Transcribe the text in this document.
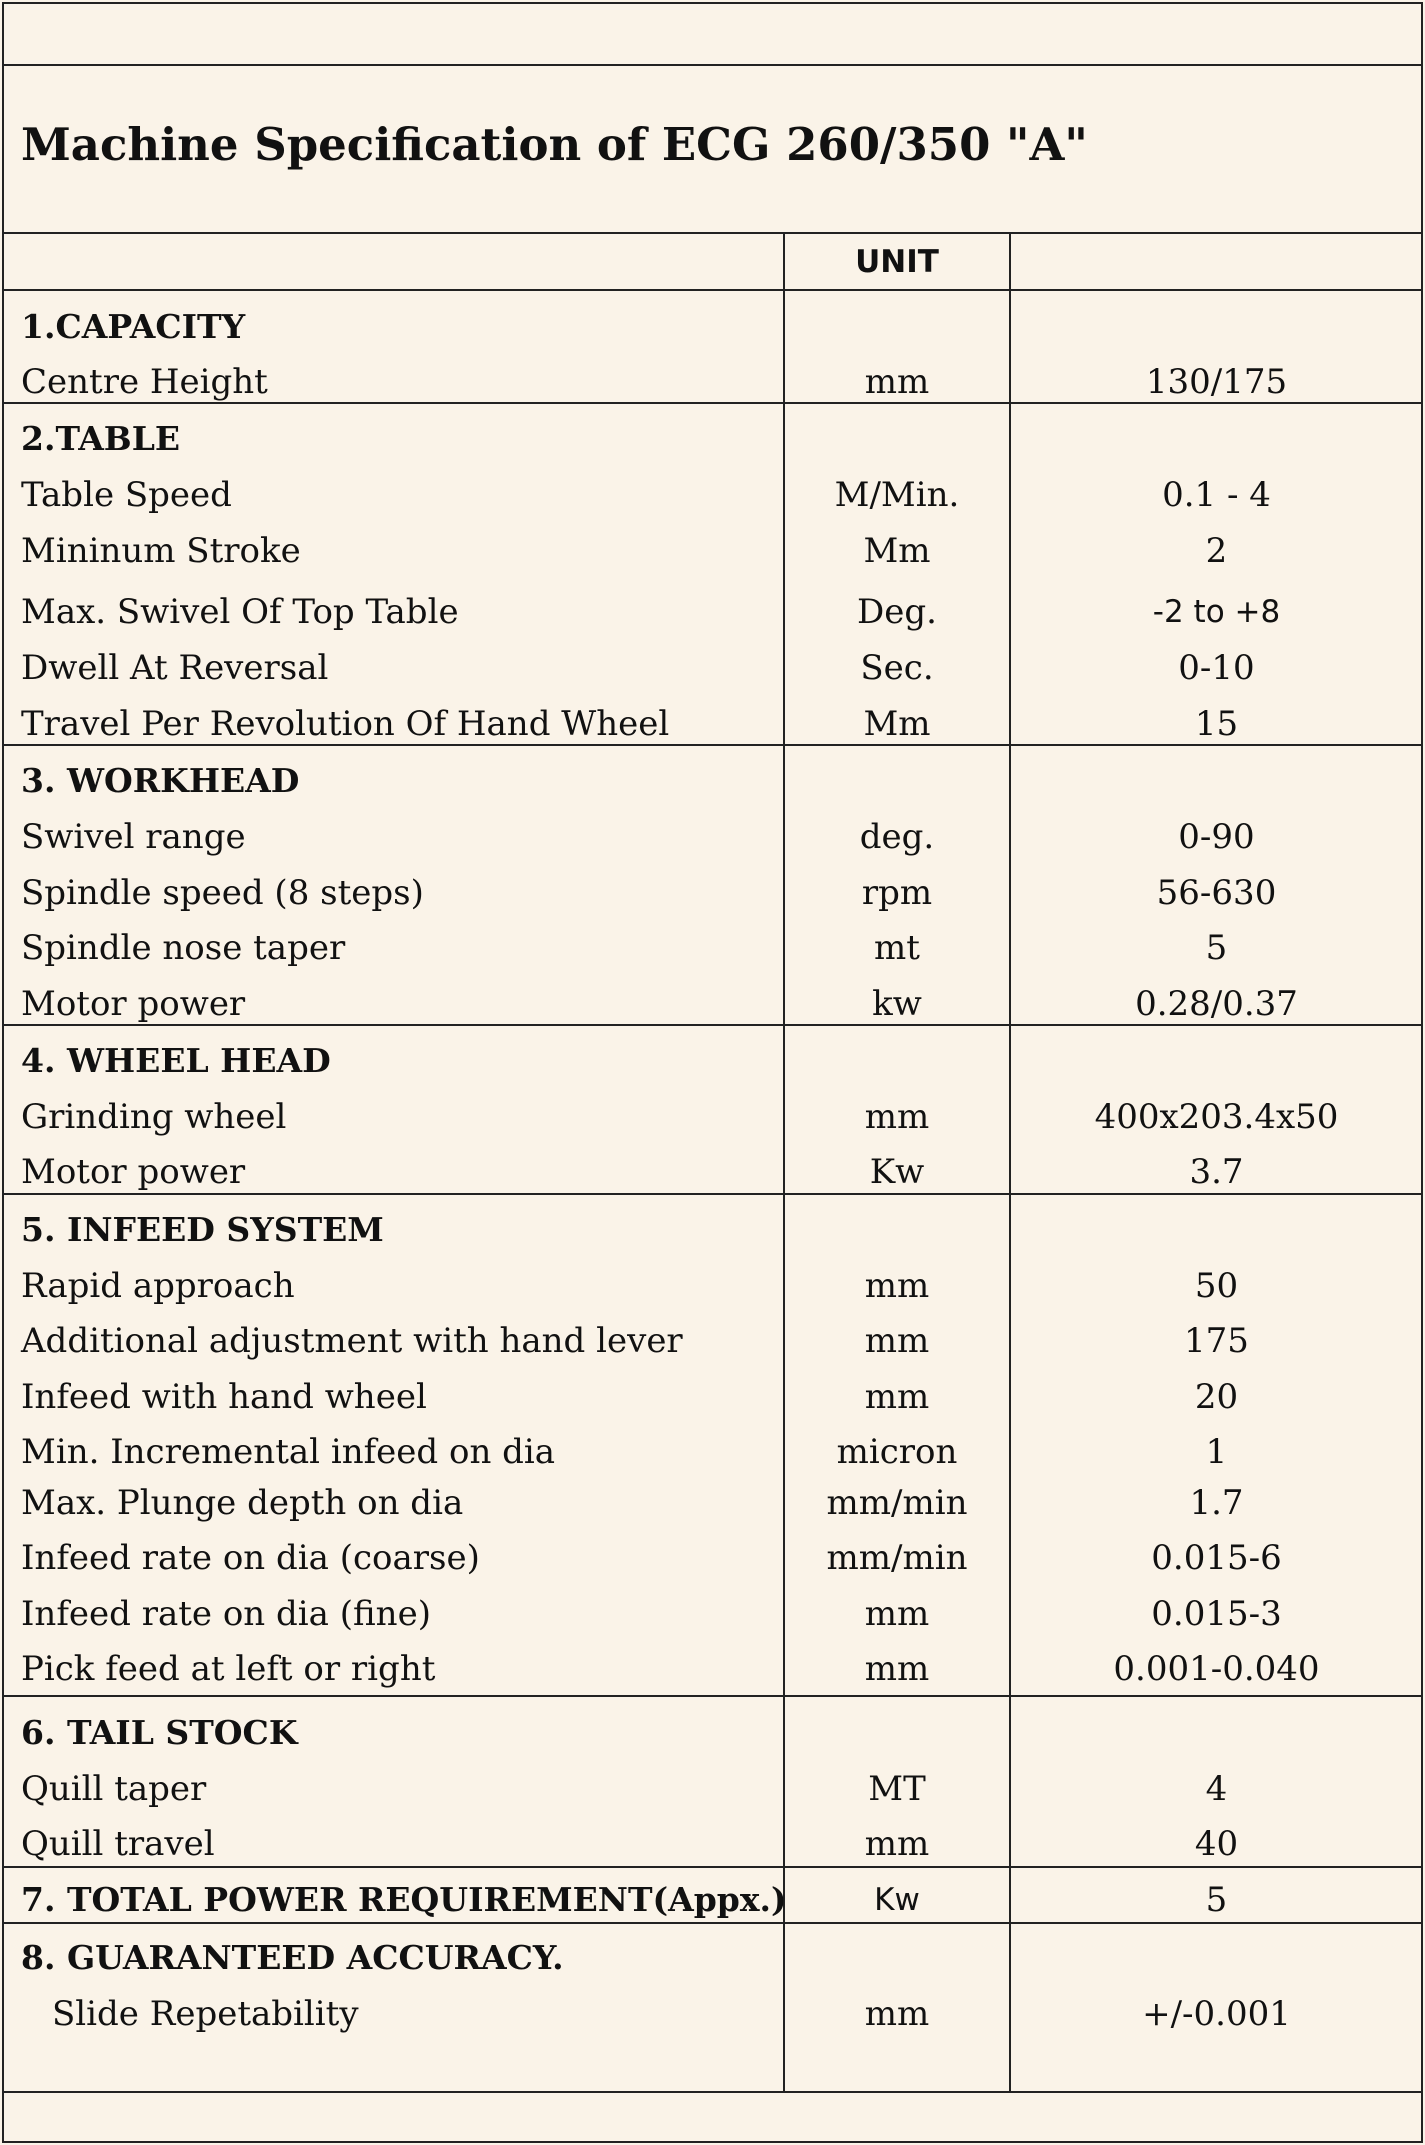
Machine Specification of ECG 260/350 "A"
UNIT
1.CAPACITY
Centre Height	mm	130/175
2.TABLE
Table Speed	M/Min.	0.1 - 4
Mininum Stroke	Mm	2
Max. Swivel Of Top Table	Deg.	-2 to +8
Dwell At Reversal	Sec.	0-10
Travel Per Revolution Of Hand Wheel	Mm	15
3. WORKHEAD
Swivel range	deg.	0-90
Spindle speed (8 steps)	rpm	56-630
Spindle nose taper	mt	5
Motor power	kw	0.28/0.37
4. WHEEL HEAD
Grinding wheel	mm	400x203.4x50
Motor power	Kw	3.7
5. INFEED SYSTEM
Rapid approach	mm	50
Additional adjustment with hand lever	mm	175
Infeed with hand wheel	mm	20
Min. Incremental infeed on dia	micron	1
Max. Plunge depth on dia	mm/min	1.7
Infeed rate on dia (coarse)	mm/min	0.015-6
Infeed rate on dia (fine)	mm	0.015-3
Pick feed at left or right	mm	0.001-0.040
6. TAIL STOCK
Quill taper	MT	4
Quill travel	mm	40
7. TOTAL POWER REQUIREMENT(Appx.)	Kw	5
8. GUARANTEED ACCURACY.
Slide Repetability	mm	+/-0.001
